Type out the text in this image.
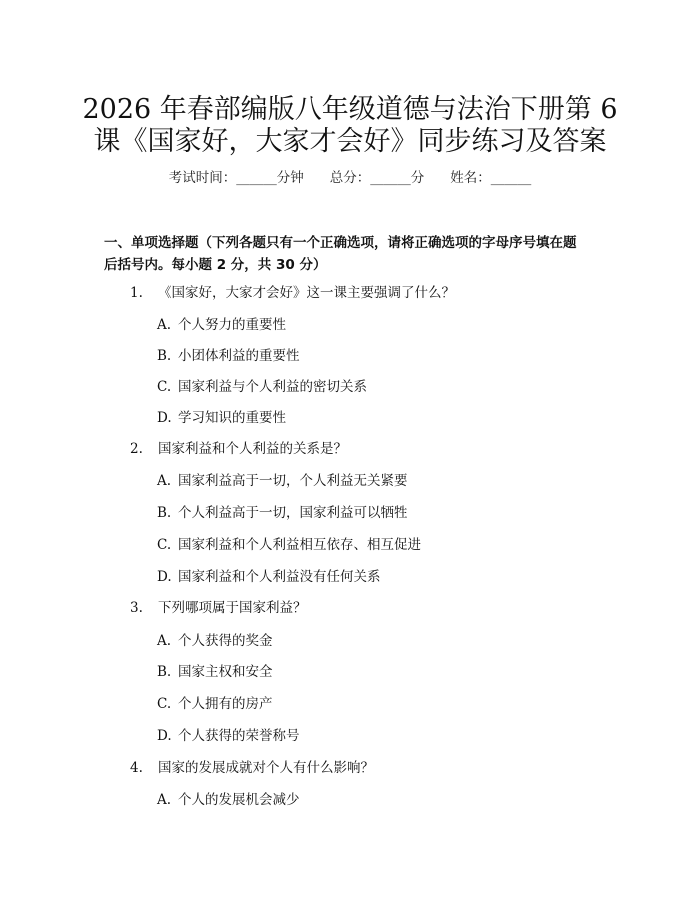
2026 年春部编版八年级道德与法治下册第 6
课《国家好，大家才会好》同步练习及答案
考试时间：______分钟 总分：______分 姓名：______
一、单项选择题（下列各题只有一个正确选项，请将正确选项的字母序号填在题
后括号内。每小题 2 分，共 30 分）
1. 《国家好，大家才会好》这一课主要强调了什么？
A. 个人努力的重要性
B. 小团体利益的重要性
C. 国家利益与个人利益的密切关系
D. 学习知识的重要性
2. 国家利益和个人利益的关系是？
A. 国家利益高于一切，个人利益无关紧要
B. 个人利益高于一切，国家利益可以牺牲
C. 国家利益和个人利益相互依存、相互促进
D. 国家利益和个人利益没有任何关系
3. 下列哪项属于国家利益？
A. 个人获得的奖金
B. 国家主权和安全
C. 个人拥有的房产
D. 个人获得的荣誉称号
4. 国家的发展成就对个人有什么影响？
A. 个人的发展机会减少
